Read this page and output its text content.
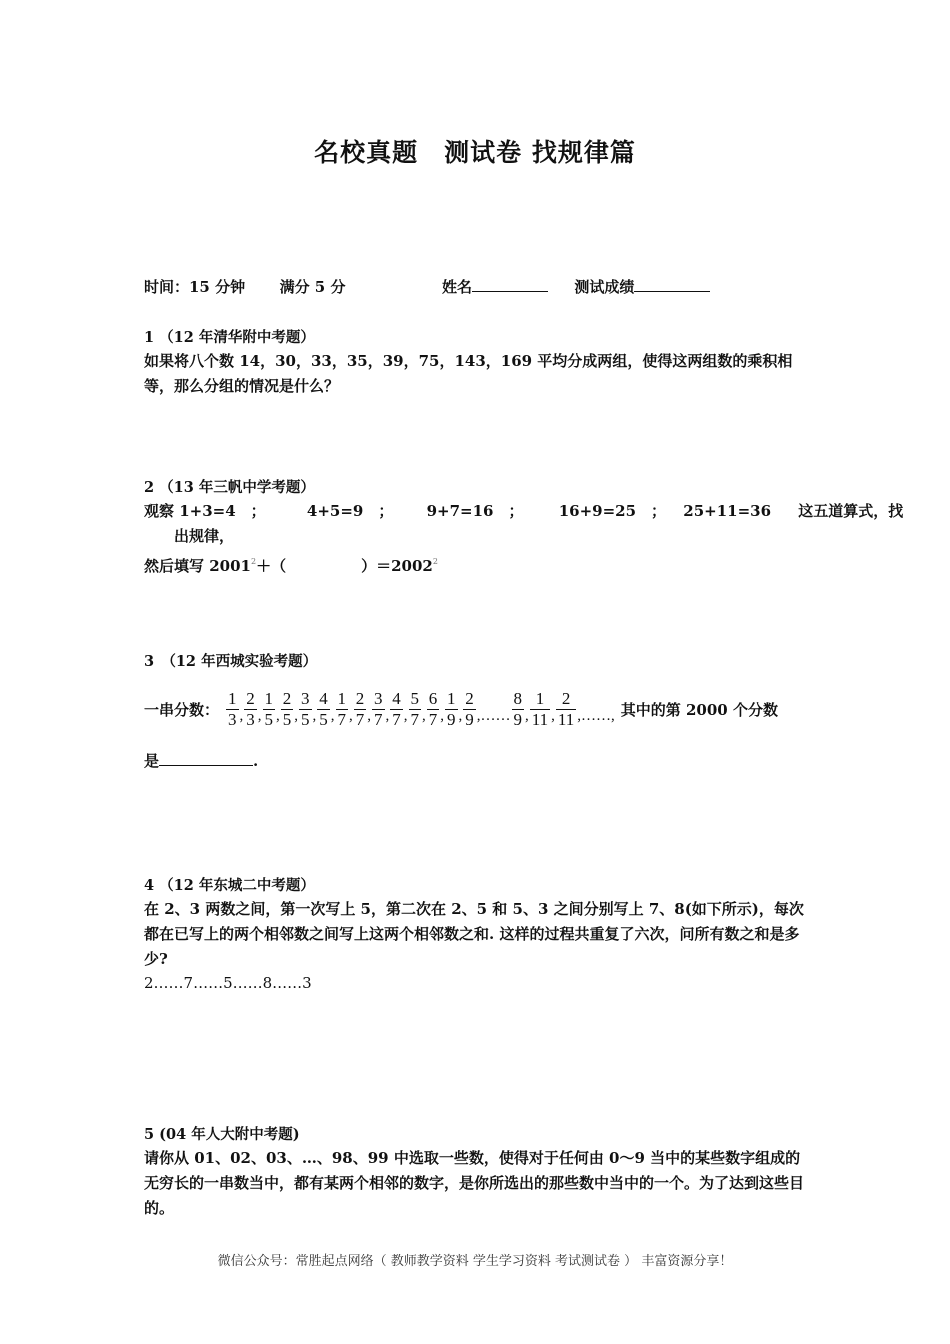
名校真题　测试卷 找规律篇
时间：15 分钟 满分 5 分	姓名	测试成绩
1 （12 年清华附中考题）
如果将八个数 14，30，33，35，39，75，143，169 平均分成两组，使得这两组数的乘积相等，那么分组的情况是什么？
2 （13 年三帆中学考题）
观察 1+3=4　；	4+5=9　； 9+7=16　； 16+9=25　； 25+11=36 这五道算式，找
出规律，
然后填写 $2001^2+$（　　　　　）$=2002^2$
3　（12 年西城实验考题）
一串分数： $\frac{1}{3}$ , $\frac{2}{3}$ , $\frac{1}{5}$ , $\frac{2}{5}$ , $\frac{3}{5}$ , $\frac{4}{5}$ , $\frac{1}{7}$ , $\frac{2}{7}$ , $\frac{3}{7}$ , $\frac{4}{7}$ , $\frac{5}{7}$ , $\frac{6}{7}$ , $\frac{1}{9}$ , $\frac{2}{9}$ ,…… $\frac{8}{9}$ , $\frac{1}{11}$ , $\frac{2}{11}$ ,……, 其中的第 2000 个分数
是	.
4 （12 年东城二中考题）
在 2、3 两数之间，第一次写上 5，第二次在 2、5 和 5、3 之间分别写上 7、8(如下所示)，每次都在已写上的两个相邻数之间写上这两个相邻数之和. 这样的过程共重复了六次，问所有数之和是多少?
2……7……5……8……3
5 (04 年人大附中考题)
请你从 01、02、03、…、98、99 中选取一些数，使得对于任何由 0～9 当中的某些数字组成的无穷长的一串数当中，都有某两个相邻的数字，是你所选出的那些数中当中的一个。为了达到这些目的。
微信公众号：常胜起点网络（ 教师教学资料 学生学习资料 考试测试卷 ） 丰富资源分享！
